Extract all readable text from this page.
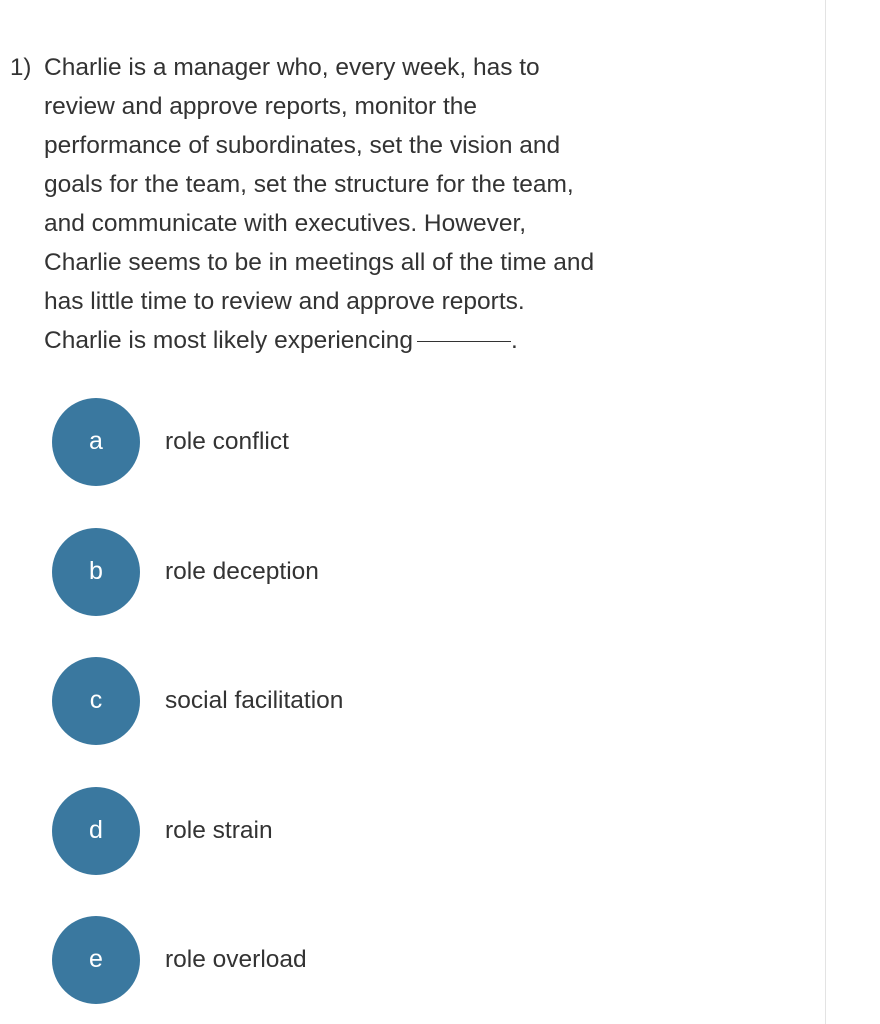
1) Charlie is a manager who, every week, has to
review and approve reports, monitor the
performance of subordinates, set the vision and
goals for the team, set the structure for the team,
and communicate with executives. However,
Charlie seems to be in meetings all of the time and
has little time to review and approve reports.
Charlie is most likely experiencing	.
a	role conflict
b	role deception
c	social facilitation
d	role strain
e	role overload
